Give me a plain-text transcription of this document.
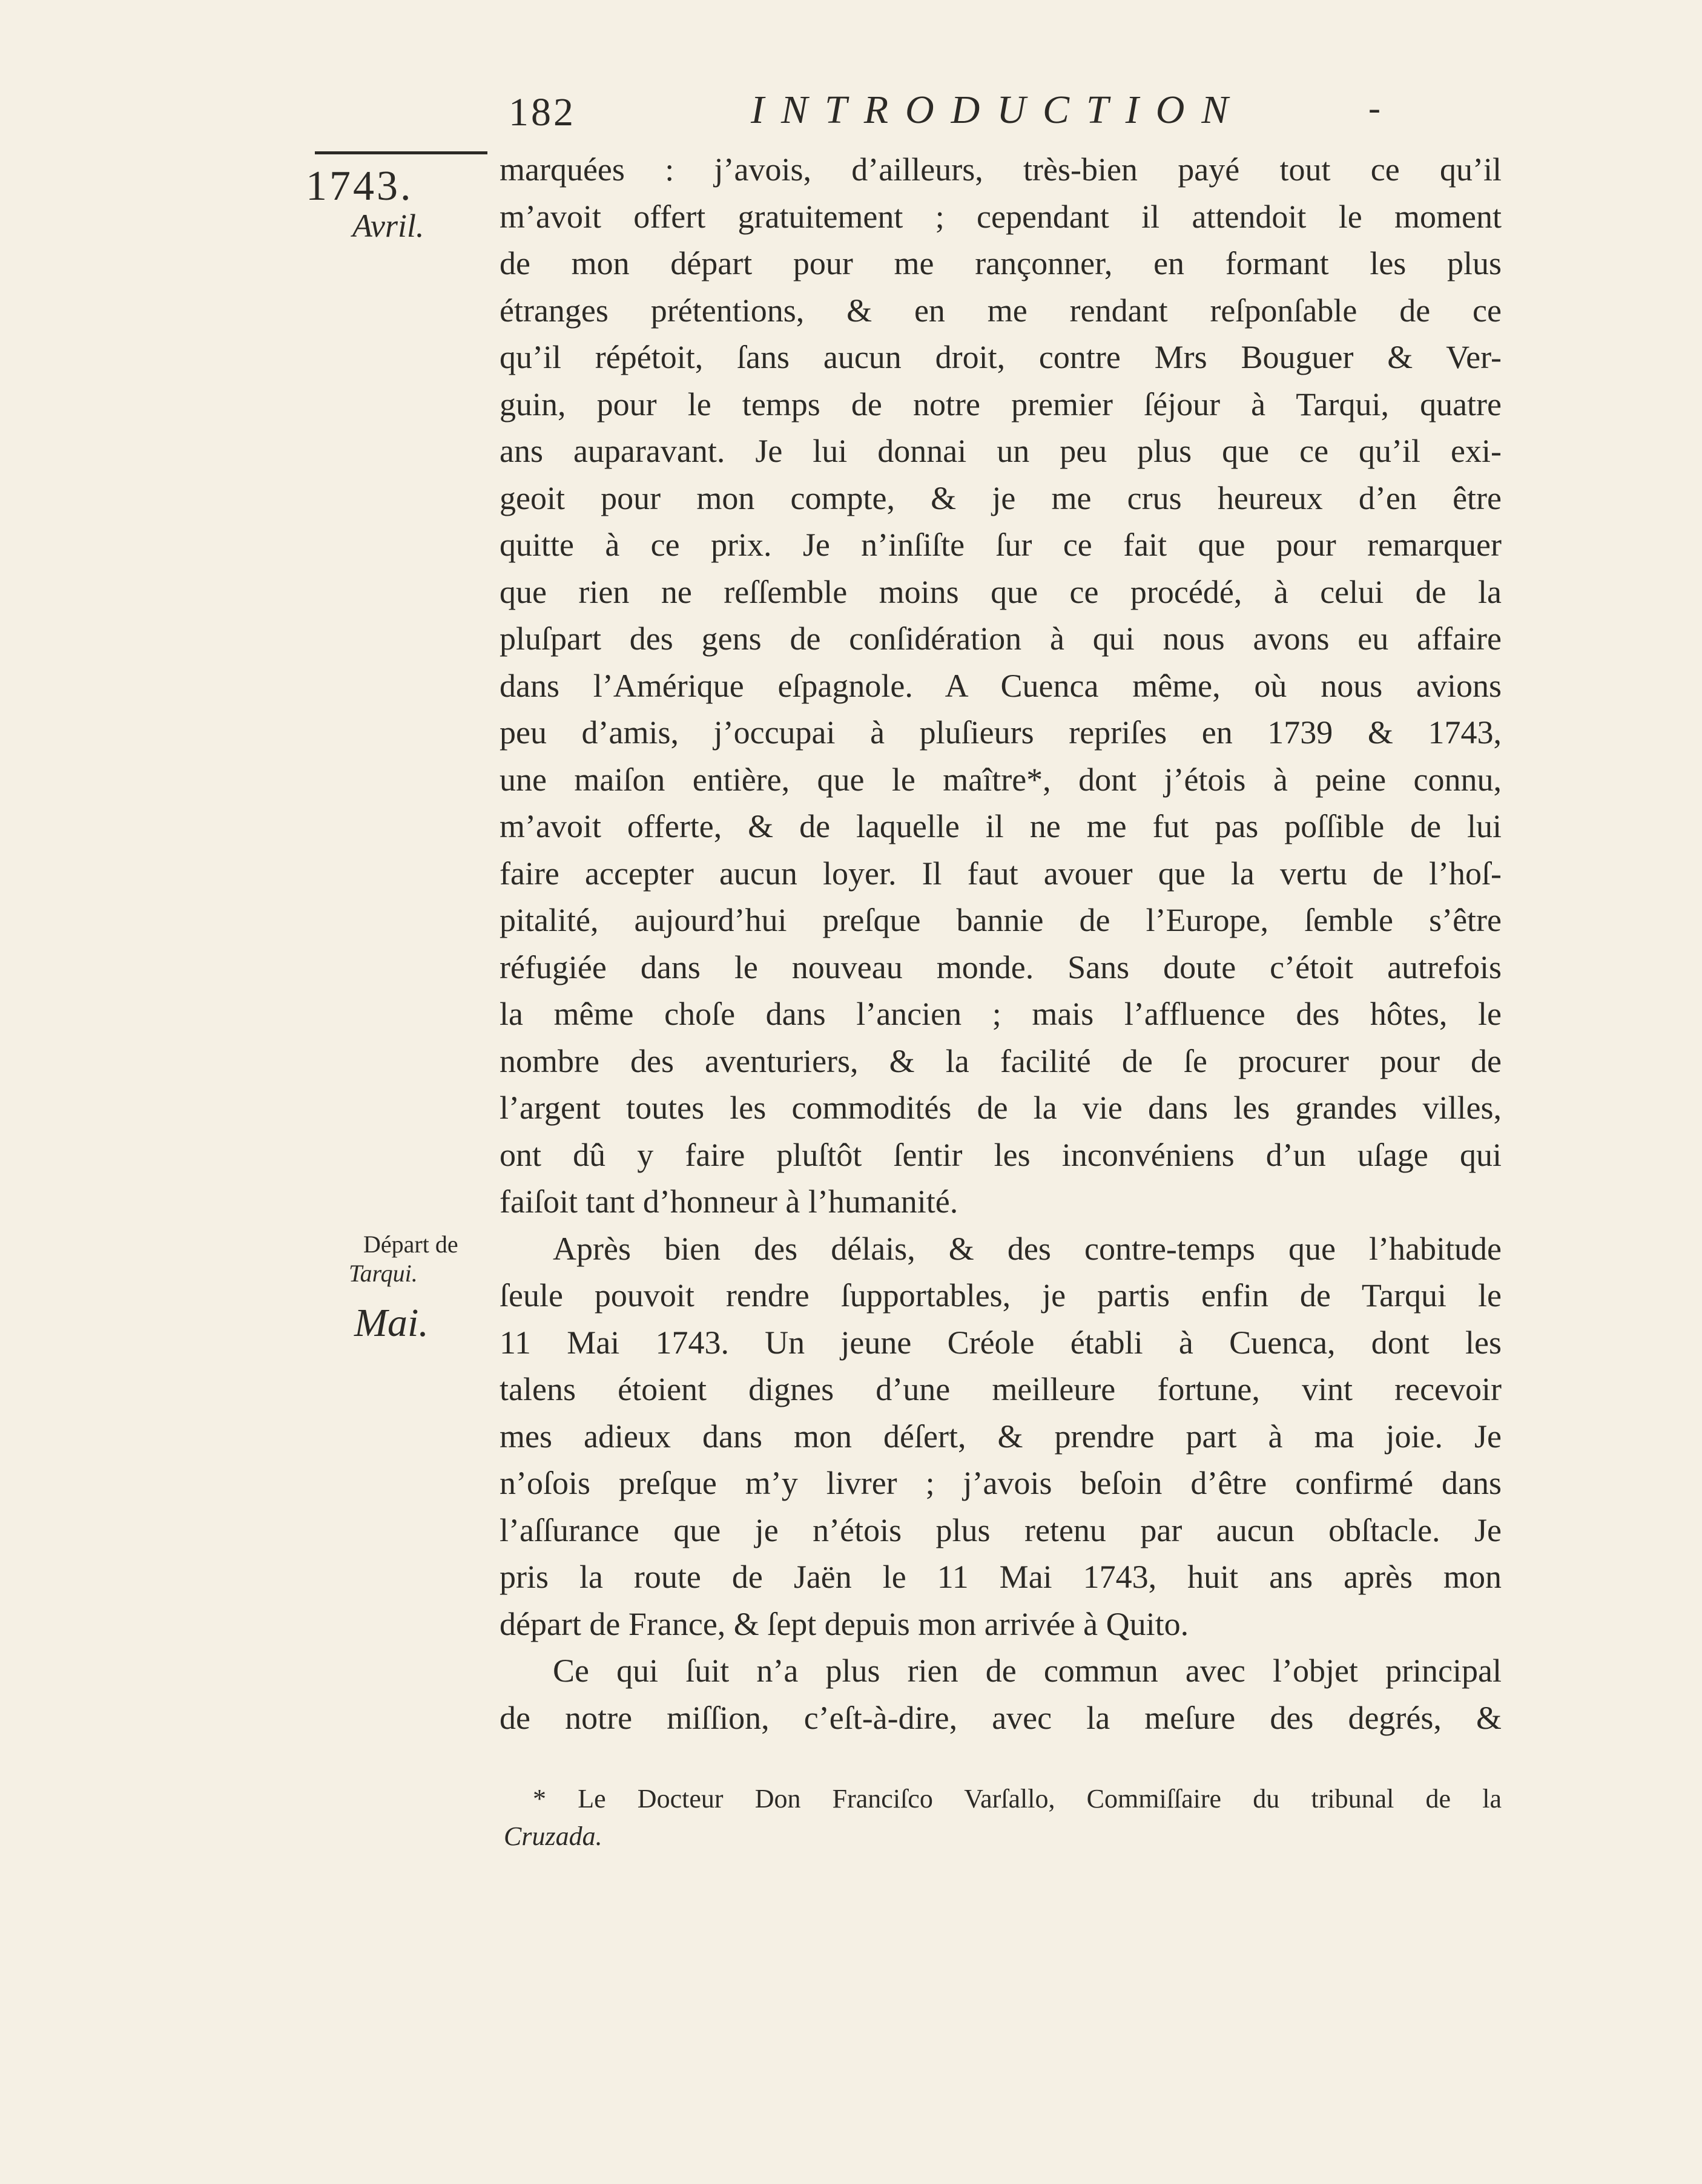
182	INTRODUCTION	-
1743.
Avril.
Départ de
Tarqui.
Mai.
marquées : j’avois, d’ailleurs, très-bien payé tout ce qu’il
m’avoit offert gratuitement ; cependant il attendoit le moment
de mon départ pour me rançonner, en formant les plus
étranges prétentions, & en me rendant reſponſable de ce
qu’il répétoit, ſans aucun droit, contre Mrs Bouguer & Ver-
guin, pour le temps de notre premier ſéjour à Tarqui, quatre
ans auparavant. Je lui donnai un peu plus que ce qu’il exi-
geoit pour mon compte, & je me crus heureux d’en être
quitte à ce prix. Je n’inſiſte ſur ce fait que pour remarquer
que rien ne reſſemble moins que ce procédé, à celui de la
pluſpart des gens de conſidération à qui nous avons eu affaire
dans l’Amérique eſpagnole. A Cuenca même, où nous avions
peu d’amis, j’occupai à pluſieurs repriſes en 1739 & 1743,
une maiſon entière, que le maître*, dont j’étois à peine connu,
m’avoit offerte, & de laquelle il ne me fut pas poſſible de lui
faire accepter aucun loyer. Il faut avouer que la vertu de l’hoſ-
pitalité, aujourd’hui preſque bannie de l’Europe, ſemble s’être
réfugiée dans le nouveau monde. Sans doute c’étoit autrefois
la même choſe dans l’ancien ; mais l’affluence des hôtes, le
nombre des aventuriers, & la facilité de ſe procurer pour de
l’argent toutes les commodités de la vie dans les grandes villes,
ont dû y faire pluſtôt ſentir les inconvéniens d’un uſage qui
faiſoit tant d’honneur à l’humanité.
Après bien des délais, & des contre-temps que l’habitude
ſeule pouvoit rendre ſupportables, je partis enfin de Tarqui le
11 Mai 1743. Un jeune Créole établi à Cuenca, dont les
talens étoient dignes d’une meilleure fortune, vint recevoir
mes adieux dans mon déſert, & prendre part à ma joie. Je
n’oſois preſque m’y livrer ; j’avois beſoin d’être confirmé dans
l’aſſurance que je n’étois plus retenu par aucun obſtacle. Je
pris la route de Jaën le 11 Mai 1743, huit ans après mon
départ de France, & ſept depuis mon arrivée à Quito.
Ce qui ſuit n’a plus rien de commun avec l’objet principal
de notre miſſion, c’eſt-à-dire, avec la meſure des degrés, &
* Le Docteur Don Franciſco Varſallo, Commiſſaire du tribunal de la
Cruzada.
